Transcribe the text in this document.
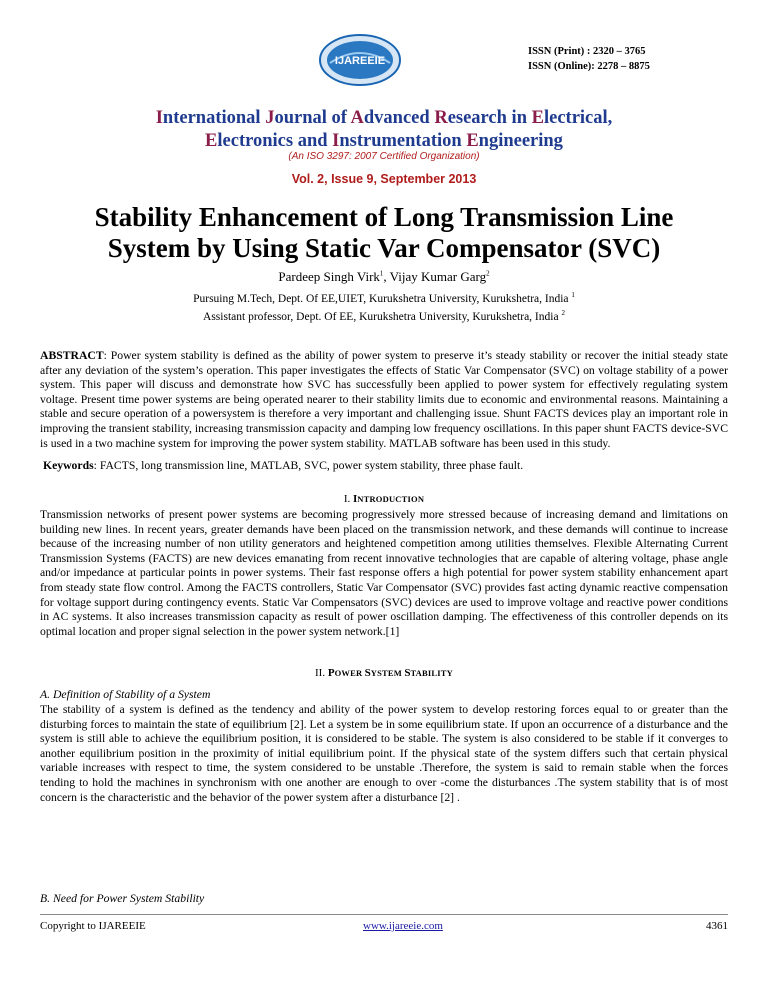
IJAREEIE
ISSN (Print) : 2320 – 3765
ISSN (Online): 2278 – 8875
International Journal of Advanced Research in Electrical,
Electronics and Instrumentation Engineering
(An ISO 3297: 2007 Certified Organization)
Vol. 2, Issue 9, September 2013
Stability Enhancement of Long Transmission Line
System by Using Static Var Compensator (SVC)
Pardeep Singh Virk$^1$, Vijay Kumar Garg$^2$
Pursuing M.Tech, Dept. Of EE,UIET, Kurukshetra University, Kurukshetra, India $^1$
Assistant professor, Dept. Of EE, Kurukshetra University, Kurukshetra, India $^2$
ABSTRACT: Power system stability is defined as the ability of power system to preserve it’s steady stability or recover the initial steady state after any deviation of the system’s operation. This paper investigates the effects of Static Var Compensator (SVC) on voltage stability of a power system. This paper will discuss and demonstrate how SVC has successfully been applied to power system for effectively regulating system voltage. Present time power systems are being operated nearer to their stability limits due to economic and environmental reasons. Maintaining a stable and secure operation of a powersystem is therefore a very important and challenging issue. Shunt FACTS devices play an important role in improving the transient stability, increasing transmission capacity and damping low frequency oscillations. In this paper shunt FACTS device-SVC is used in a two machine system for improving the power system stability. MATLAB software has been used in this study.
Keywords: FACTS, long transmission line, MATLAB, SVC, power system stability, three phase fault.
I. INTRODUCTION
Transmission networks of present power systems are becoming progressively more stressed because of increasing demand and limitations on building new lines. In recent years, greater demands have been placed on the transmission network, and these demands will continue to increase because of the increasing number of non utility generators and heightened competition among utilities themselves. Flexible Alternating Current Transmission Systems (FACTS) are new devices emanating from recent innovative technologies that are capable of altering voltage, phase angle and/or impedance at particular points in power systems. Their fast response offers a high potential for power system stability enhancement apart from steady state flow control. Among the FACTS controllers, Static Var Compensator (SVC) provides fast acting dynamic reactive compensation for voltage support during contingency events. Static Var Compensators (SVC) devices are used to improve voltage and reactive power conditions in AC systems. It also increases transmission capacity as result of power oscillation damping. The effectiveness of this controller depends on its optimal location and proper signal selection in the power system network.[1]
II. POWER SYSTEM STABILITY
A. Definition of Stability of a System
The stability of a system is defined as the tendency and ability of the power system to develop restoring forces equal to or greater than the disturbing forces to maintain the state of equilibrium [2]. Let a system be in some equilibrium state. If upon an occurrence of a disturbance and the system is still able to achieve the equilibrium position, it is considered to be stable. The system is also considered to be stable if it converges to another equilibrium position in the proximity of initial equilibrium point. If the physical state of the system differs such that certain physical variable increases with respect to time, the system considered to be unstable .Therefore, the system is said to remain stable when the forces tending to hold the machines in synchronism with one another are enough to over -come the disturbances .The system stability that is of most concern is the characteristic and the behavior of the power system after a disturbance [2] .
B. Need for Power System Stability
Copyright to IJAREEIE	www.ijareeie.com	4361
